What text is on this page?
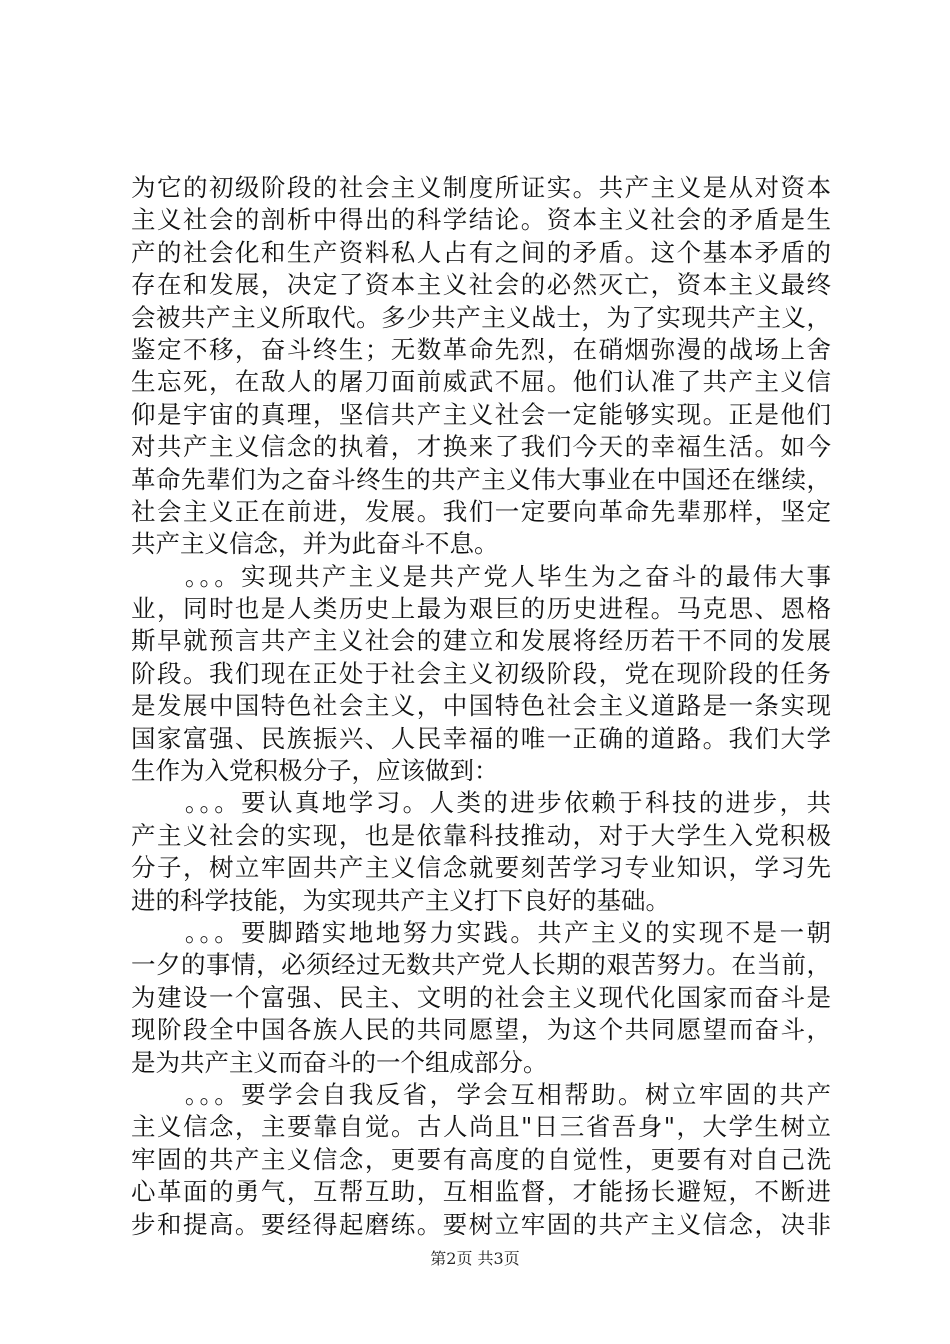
为它的初级阶段的社会主义制度所证实。共产主义是从对资本
主义社会的剖析中得出的科学结论。资本主义社会的矛盾是生
产的社会化和生产资料私人占有之间的矛盾。这个基本矛盾的
存在和发展，决定了资本主义社会的必然灭亡，资本主义最终
会被共产主义所取代。多少共产主义战士，为了实现共产主义，
鉴定不移，奋斗终生；无数革命先烈，在硝烟弥漫的战场上舍
生忘死，在敌人的屠刀面前威武不屈。他们认准了共产主义信
仰是宇宙的真理，坚信共产主义社会一定能够实现。正是他们
对共产主义信念的执着，才换来了我们今天的幸福生活。如今
革命先辈们为之奋斗终生的共产主义伟大事业在中国还在继续，
社会主义正在前进，发展。我们一定要向革命先辈那样，坚定
共产主义信念，并为此奋斗不息。
　　。。。实现共产主义是共产党人毕生为之奋斗的最伟大事
业，同时也是人类历史上最为艰巨的历史进程。马克思、恩格
斯早就预言共产主义社会的建立和发展将经历若干不同的发展
阶段。我们现在正处于社会主义初级阶段，党在现阶段的任务
是发展中国特色社会主义，中国特色社会主义道路是一条实现
国家富强、民族振兴、人民幸福的唯一正确的道路。我们大学
生作为入党积极分子，应该做到：
　　。。。要认真地学习。人类的进步依赖于科技的进步，共
产主义社会的实现，也是依靠科技推动，对于大学生入党积极
分子，树立牢固共产主义信念就要刻苦学习专业知识，学习先
进的科学技能，为实现共产主义打下良好的基础。
　　。。。要脚踏实地地努力实践。共产主义的实现不是一朝
一夕的事情，必须经过无数共产党人长期的艰苦努力。在当前，
为建设一个富强、民主、文明的社会主义现代化国家而奋斗是
现阶段全中国各族人民的共同愿望，为这个共同愿望而奋斗，
是为共产主义而奋斗的一个组成部分。
　　。。。要学会自我反省，学会互相帮助。树立牢固的共产
主义信念，主要靠自觉。古人尚且"日三省吾身"，大学生树立
牢固的共产主义信念，更要有高度的自觉性，更要有对自己洗
心革面的勇气，互帮互助，互相监督，才能扬长避短，不断进
步和提高。要经得起磨练。要树立牢固的共产主义信念，决非
第2页 共3页
